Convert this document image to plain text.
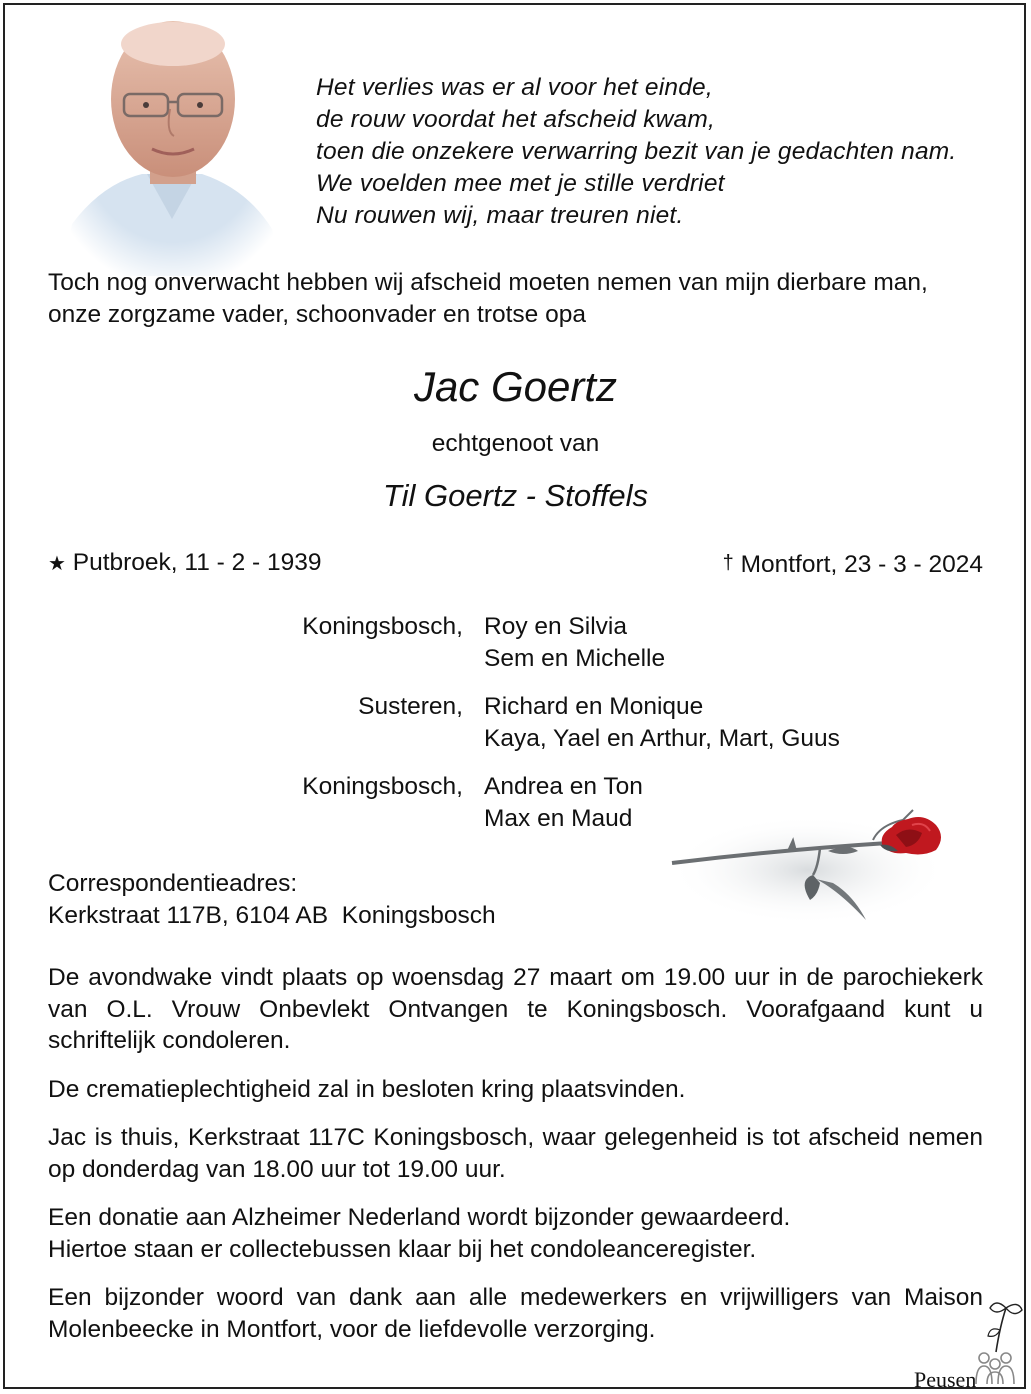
Het verlies was er al voor het einde,
de rouw voordat het afscheid kwam,
toen die onzekere verwarring bezit van je gedachten nam.
We voelden mee met je stille verdriet
Nu rouwen wij, maar treuren niet.
Toch nog onverwacht hebben wij afscheid moeten nemen van mijn dierbare man,
onze zorgzame vader, schoonvader en trotse opa
Jac Goertz
echtgenoot van
Til Goertz - Stoffels
★ Putbroek, 11 - 2 - 1939	† Montfort, 23 - 3 - 2024
Koningsbosch, Roy en Silvia
Sem en Michelle
Susteren, Richard en Monique
Kaya, Yael en Arthur, Mart, Guus
Koningsbosch, Andrea en Ton
Max en Maud
Correspondentieadres:
Kerkstraat 117B, 6104 AB  Koningsbosch
De avondwake vindt plaats op woensdag 27 maart om 19.00 uur in de parochiekerk van O.L. Vrouw Onbevlekt Ontvangen te Koningsbosch. Voorafgaand kunt u schriftelijk condoleren.
De crematieplechtigheid zal in besloten kring plaatsvinden.
Jac is thuis, Kerkstraat 117C Koningsbosch, waar gelegenheid is tot afscheid nemen op donderdag van 18.00 uur tot 19.00 uur.
Een donatie aan Alzheimer Nederland wordt bijzonder gewaardeerd.
Hiertoe staan er collectebussen klaar bij het condoleanceregister.
Een bijzonder woord van dank aan alle medewerkers en vrijwilligers van Maison Molenbeecke in Montfort, voor de liefdevolle verzorging.
Peusen
